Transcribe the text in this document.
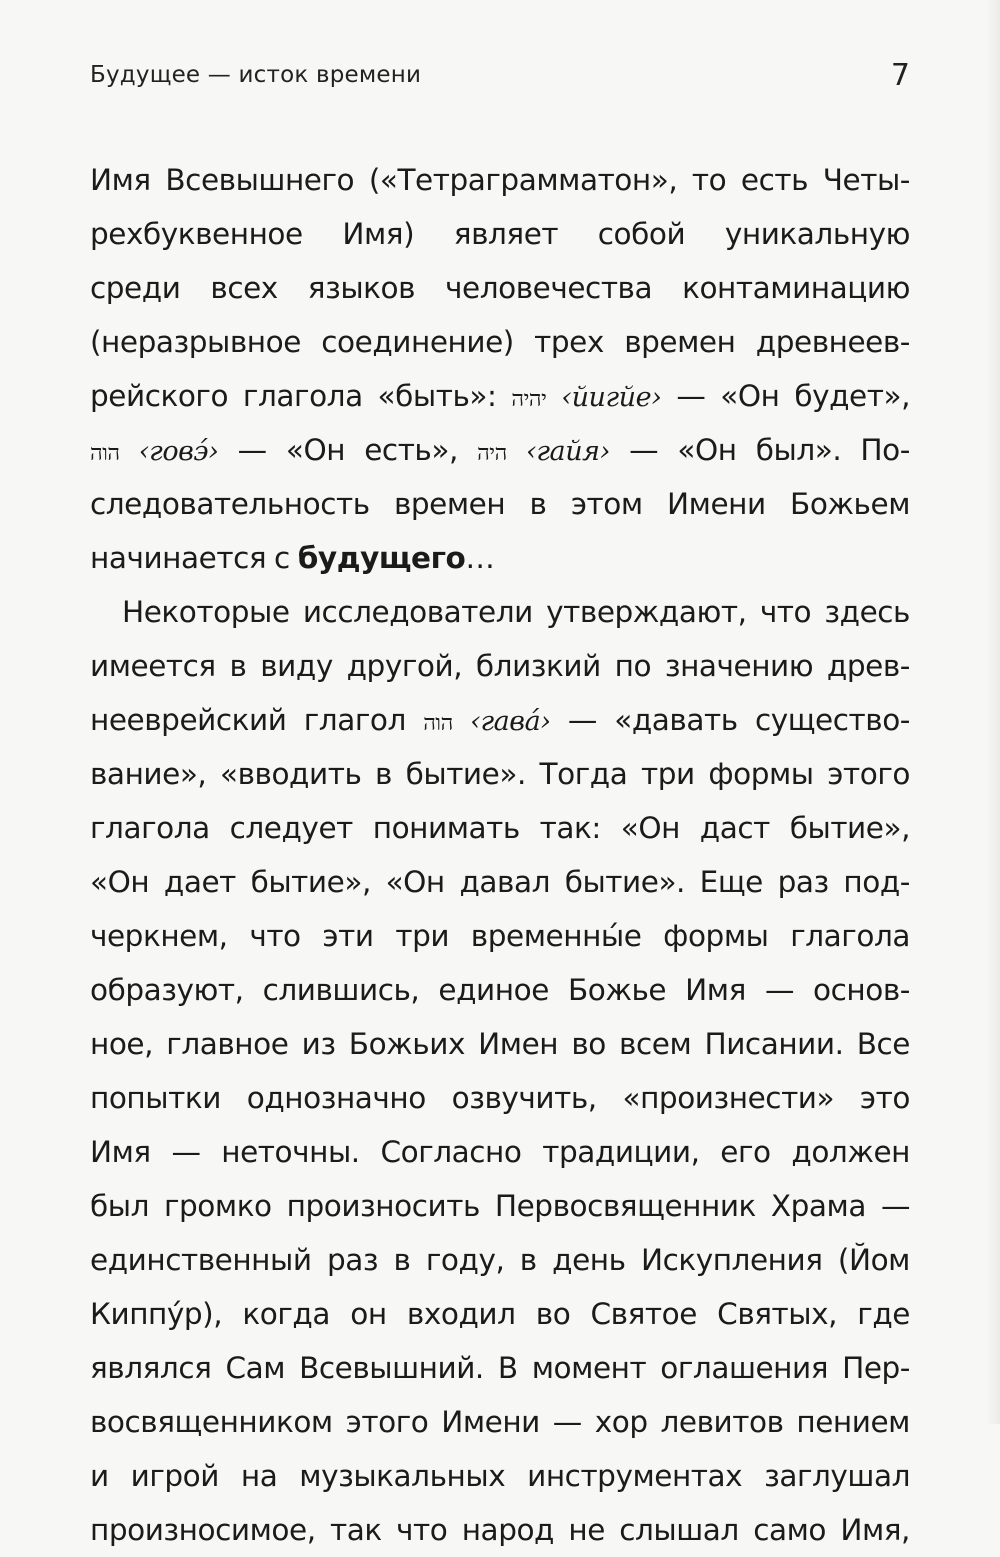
Будущее — исток времени	7
Имя Всевышнего («Тетраграмматон», то есть Четы-
рехбуквенное Имя) являет собой уникальную
среди всех языков человечества контаминацию
(неразрывное соединение) трех времен древнеев-
рейского глагола «быть»: יהיה ‹йигйе› — «Он будет»,
הוה ‹говэ́› — «Он есть», היה ‹гайя› — «Он был». По-
следовательность времен в этом Имени Божьем
начинается с будущего…
Некоторые исследователи утверждают, что здесь
имеется в виду другой, близкий по значению древ-
нееврейский глагол הוה ‹гава́› — «давать существо-
вание», «вводить в бытие». Тогда три формы этого
глагола следует понимать так: «Он даст бытие»,
«Он дает бытие», «Он давал бытие». Еще раз под-
черкнем, что эти три временны́е формы глагола
образуют, слившись, единое Божье Имя — основ-
ное, главное из Божьих Имен во всем Писании. Все
попытки однозначно озвучить, «произнести» это
Имя — неточны. Согласно традиции, его должен
был громко произносить Первосвященник Храма —
единственный раз в году, в день Искупления (Йом
Киппу́р), когда он входил во Святое Святых, где
являлся Сам Всевышний. В момент оглашения Пер-
восвященником этого Имени — хор левитов пением
и игрой на музыкальных инструментах заглушал
произносимое, так что народ не слышал само Имя,
